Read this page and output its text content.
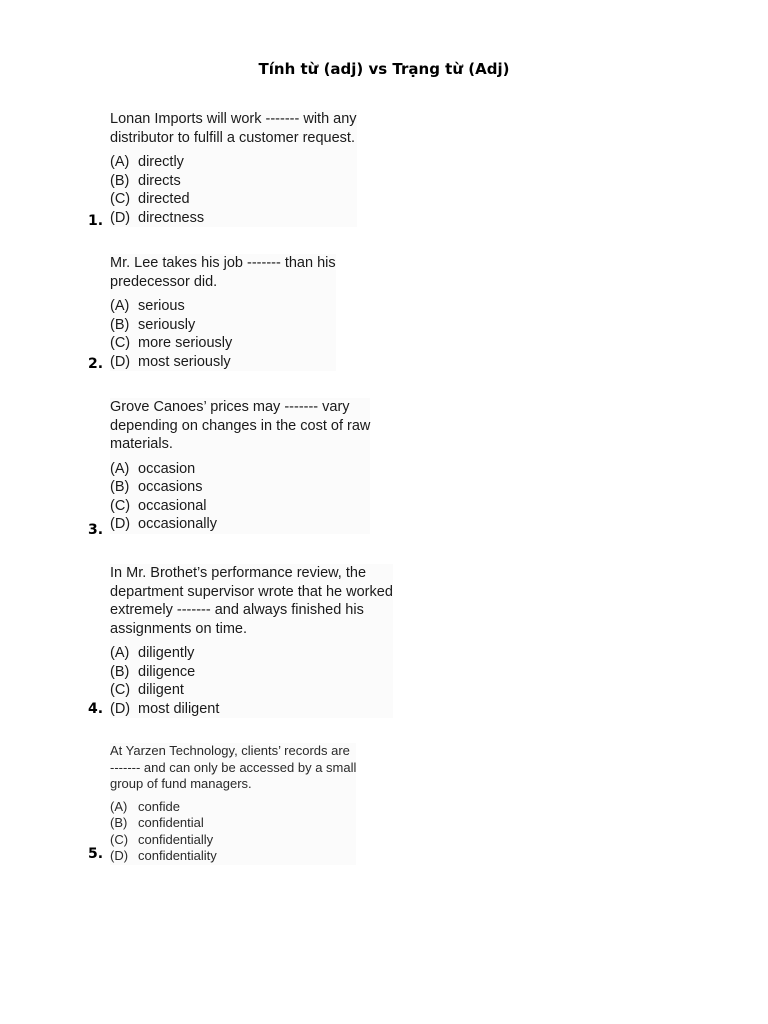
Tính từ (adj) vs Trạng từ (Adj)
Lonan Imports will work ------- with any
distributor to fulfill a customer request.
(A) directly
(B) directs
(C) directed
(D) directness
1.
Mr. Lee takes his job ------- than his
predecessor did.
(A) serious
(B) seriously
(C) more seriously
(D) most seriously
2.
Grove Canoes’ prices may ------- vary
depending on changes in the cost of raw
materials.
(A) occasion
(B) occasions
(C) occasional
(D) occasionally
3.
In Mr. Brothet’s performance review, the
department supervisor wrote that he worked
extremely ------- and always finished his
assignments on time.
(A) diligently
(B) diligence
(C) diligent
(D) most diligent
4.
At Yarzen Technology, clients’ records are
------- and can only be accessed by a small
group of fund managers.
(A) confide
(B) confidential
(C) confidentially
(D) confidentiality
5.
